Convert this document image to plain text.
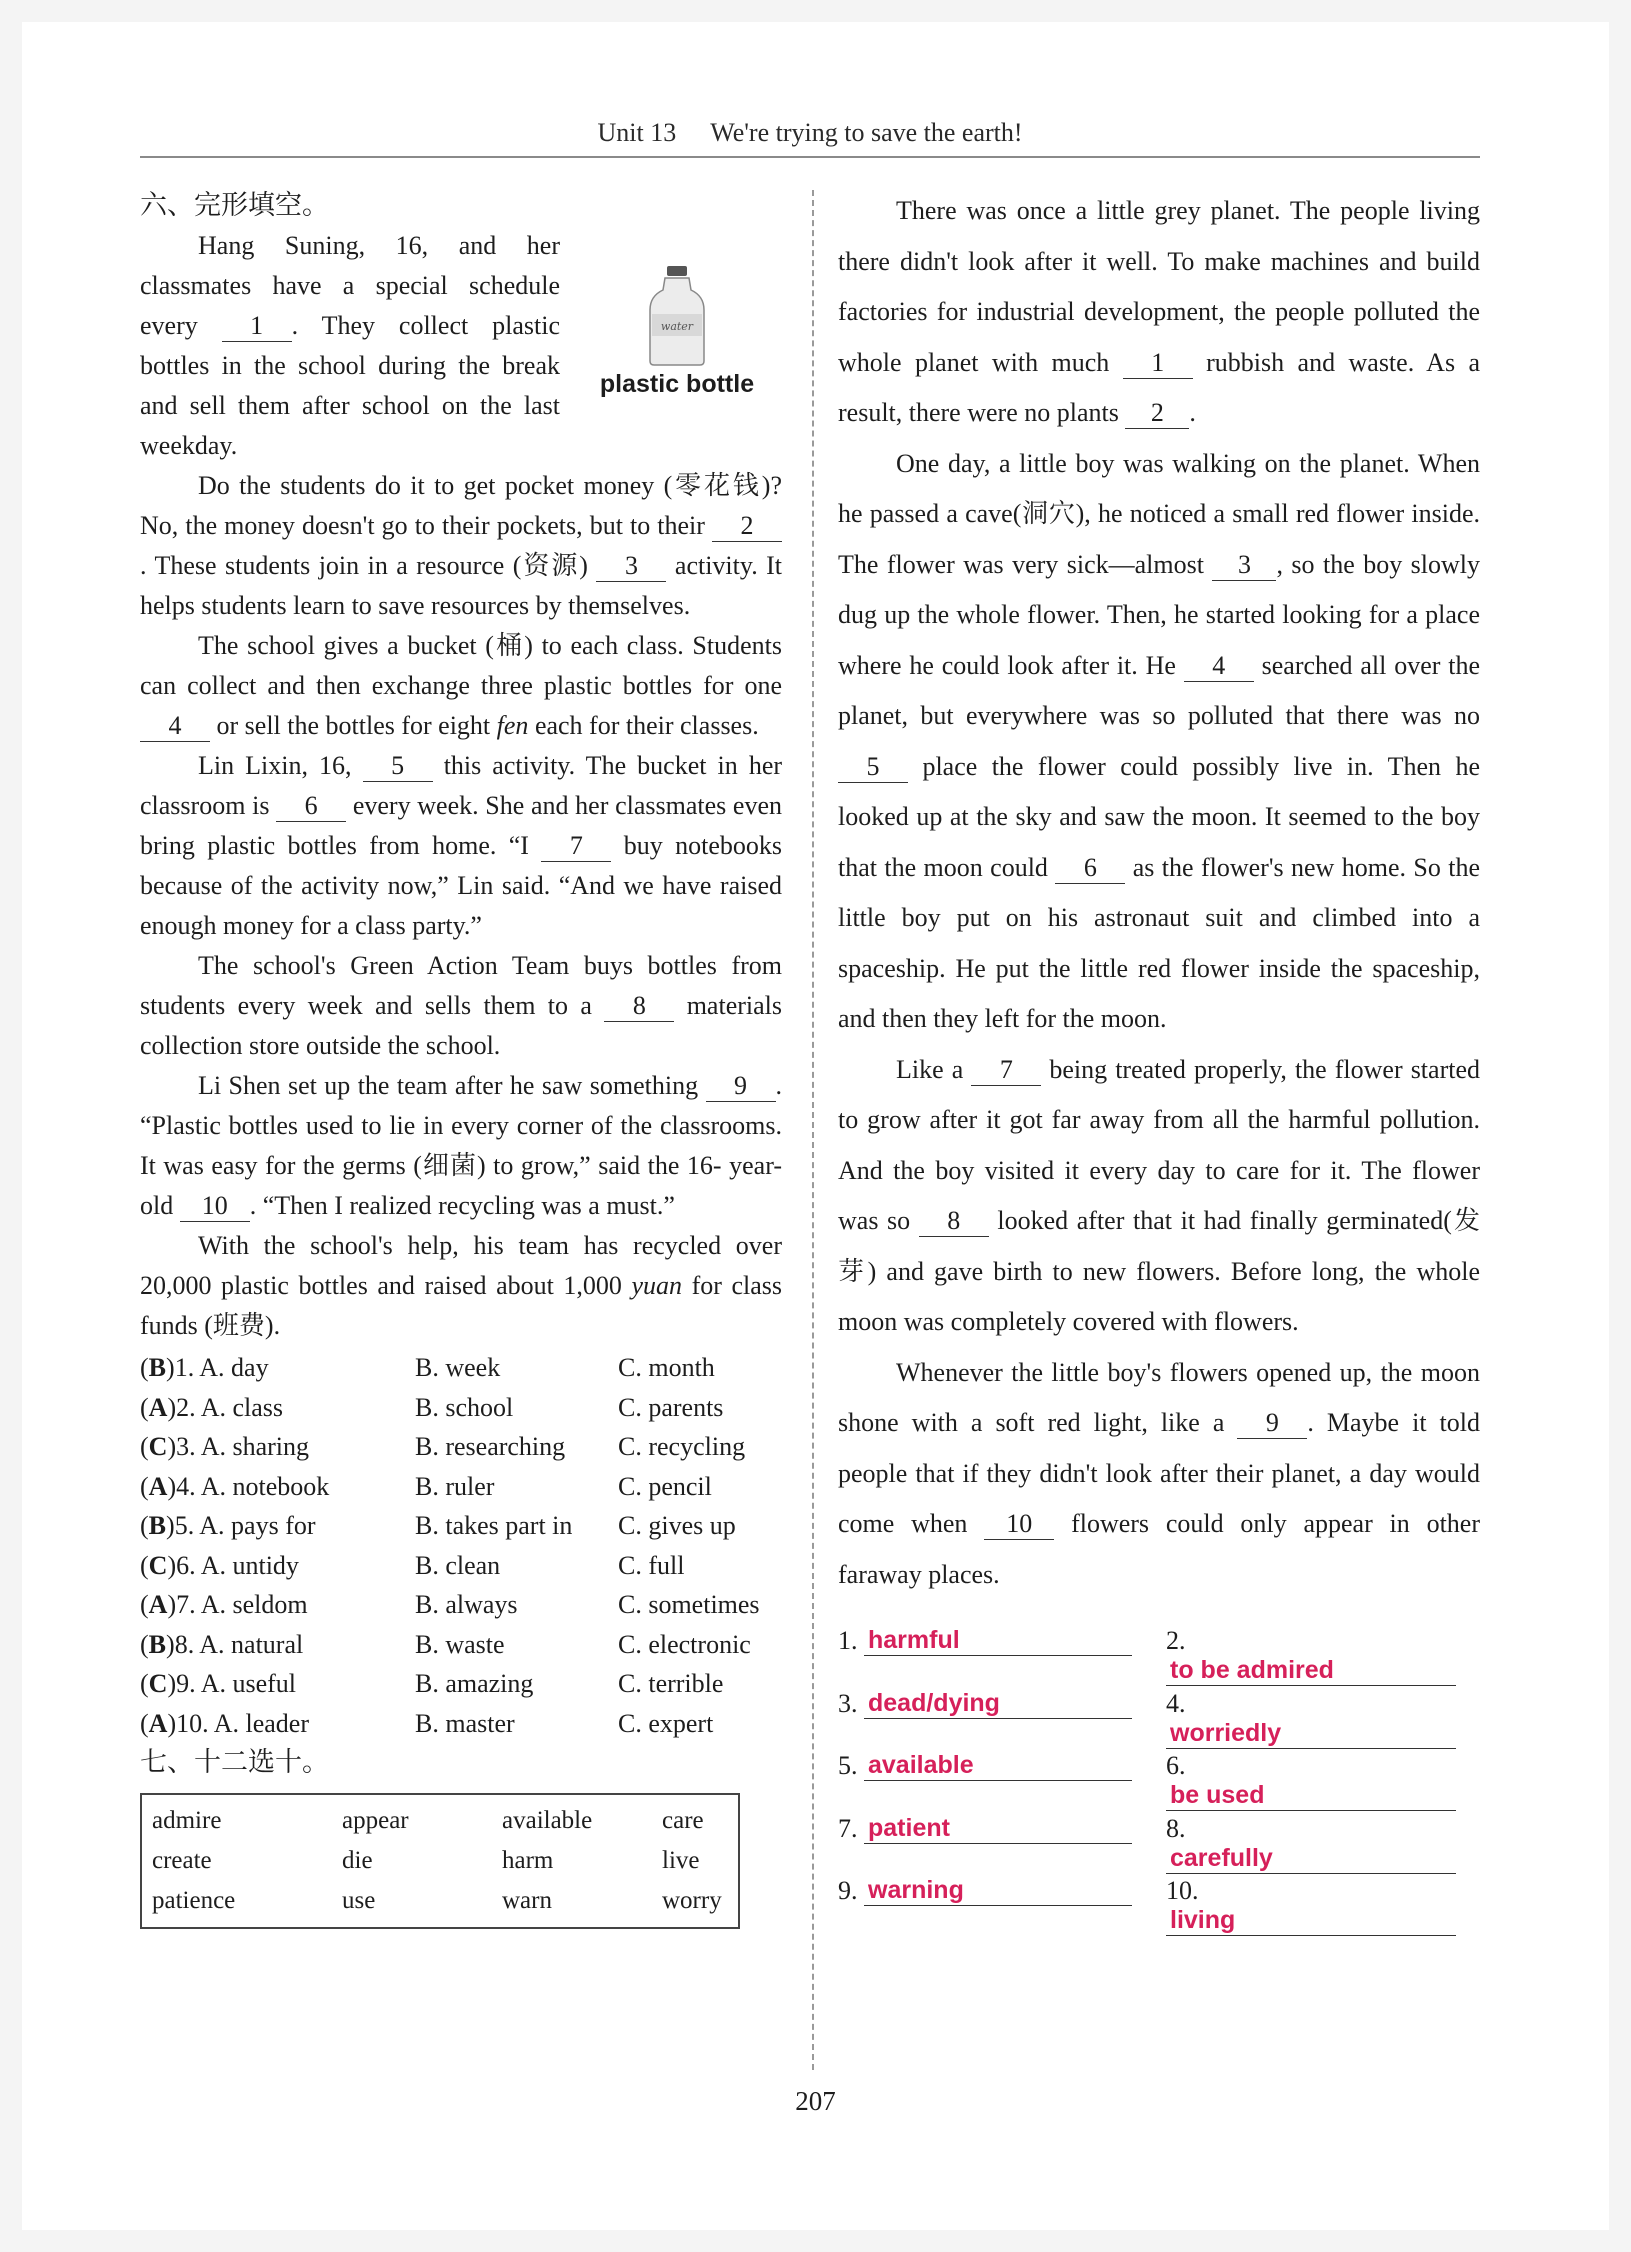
Unit 13 We're trying to save the earth!
六、完形填空。
water
plastic bottle

Hang Suning, 16, and her classmates have a special schedule every 1 . They collect plastic bottles in the school during the break and sell them after school on the last weekday.

Do the students do it to get pocket money (零花钱)? No, the money doesn't go to their pockets, but to their 2. These students join in a resource (资源) 3 activity. It helps students learn to save resources by themselves.

The school gives a bucket (桶) to each class. Students can collect and then exchange three plastic bottles for one 4 or sell the bottles for eight fen each for their classes.

Lin Lixin, 16, 5 this activity. The bucket in her classroom is 6 every week. She and her classmates even bring plastic bottles from home. “I 7 buy notebooks because of the activity now,” Lin said. “And we have raised enough money for a class party.”

The school's Green Action Team buys bottles from students every week and sells them to a 8 materials collection store outside the school.

Li Shen set up the team after he saw something 9 . “Plastic bottles used to lie in every corner of the classrooms. It was easy for the germs (细菌) to grow,” said the 16- year- old 10 . “Then I realized recycling was a must.”

With the school's help, his team has recycled over 20,000 plastic bottles and raised about 1,000 yuan for class funds (班费).

(B)1. A. day	B. week	C. month
(A)2. A. class	B. school	C. parents
(C)3. A. sharing	B. researching C. recycling
(A)4. A. notebook	B. ruler	C. pencil
(B)5. A. pays for	B. takes part in C. gives up
(C)6. A. untidy	B. clean	C. full
(A)7. A. seldom	B. always	C. sometimes
(B)8. A. natural	B. waste	C. electronic
(C)9. A. useful	B. amazing	C. terrible
(A)10. A. leader	B. master	C. expert
七、十二选十。
admire	appear	available	care
create	die	harm	live
patience	use	warn	worry

There was once a little grey planet. The people living there didn't look after it well. To make machines and build factories for industrial development, the people polluted the whole planet with much 1 rubbish and waste. As a result, there were no plants 2 .

One day, a little boy was walking on the planet. When he passed a cave(洞穴), he noticed a small red flower inside. The flower was very sick—almost 3 , so the boy slowly dug up the whole flower. Then, he started looking for a place where he could look after it. He 4 searched all over the planet, but everywhere was so polluted that there was no 5 place the flower could possibly live in. Then he looked up at the sky and saw the moon. It seemed to the boy that the moon could 6 as the flower's new home. So the little boy put on his astronaut suit and climbed into a spaceship. He put the little red flower inside the spaceship, and then they left for the moon.

Like a 7 being treated properly, the flower started to grow after it got far away from all the harmful pollution. And the boy visited it every day to care for it. The flower was so 8 looked after that it had finally germinated(发芽) and gave birth to new flowers. Before long, the whole moon was completely covered with flowers.

Whenever the little boy's flowers opened up, the moon shone with a soft red light, like a 9 . Maybe it told people that if they didn't look after their planet, a day would come when 10 flowers could only appear in other faraway places.

1. harmful	2. to be admired
3. dead/dying	4. worriedly
5. available	6. be used
7. patient	8. carefully
9. warning	10. living
207
